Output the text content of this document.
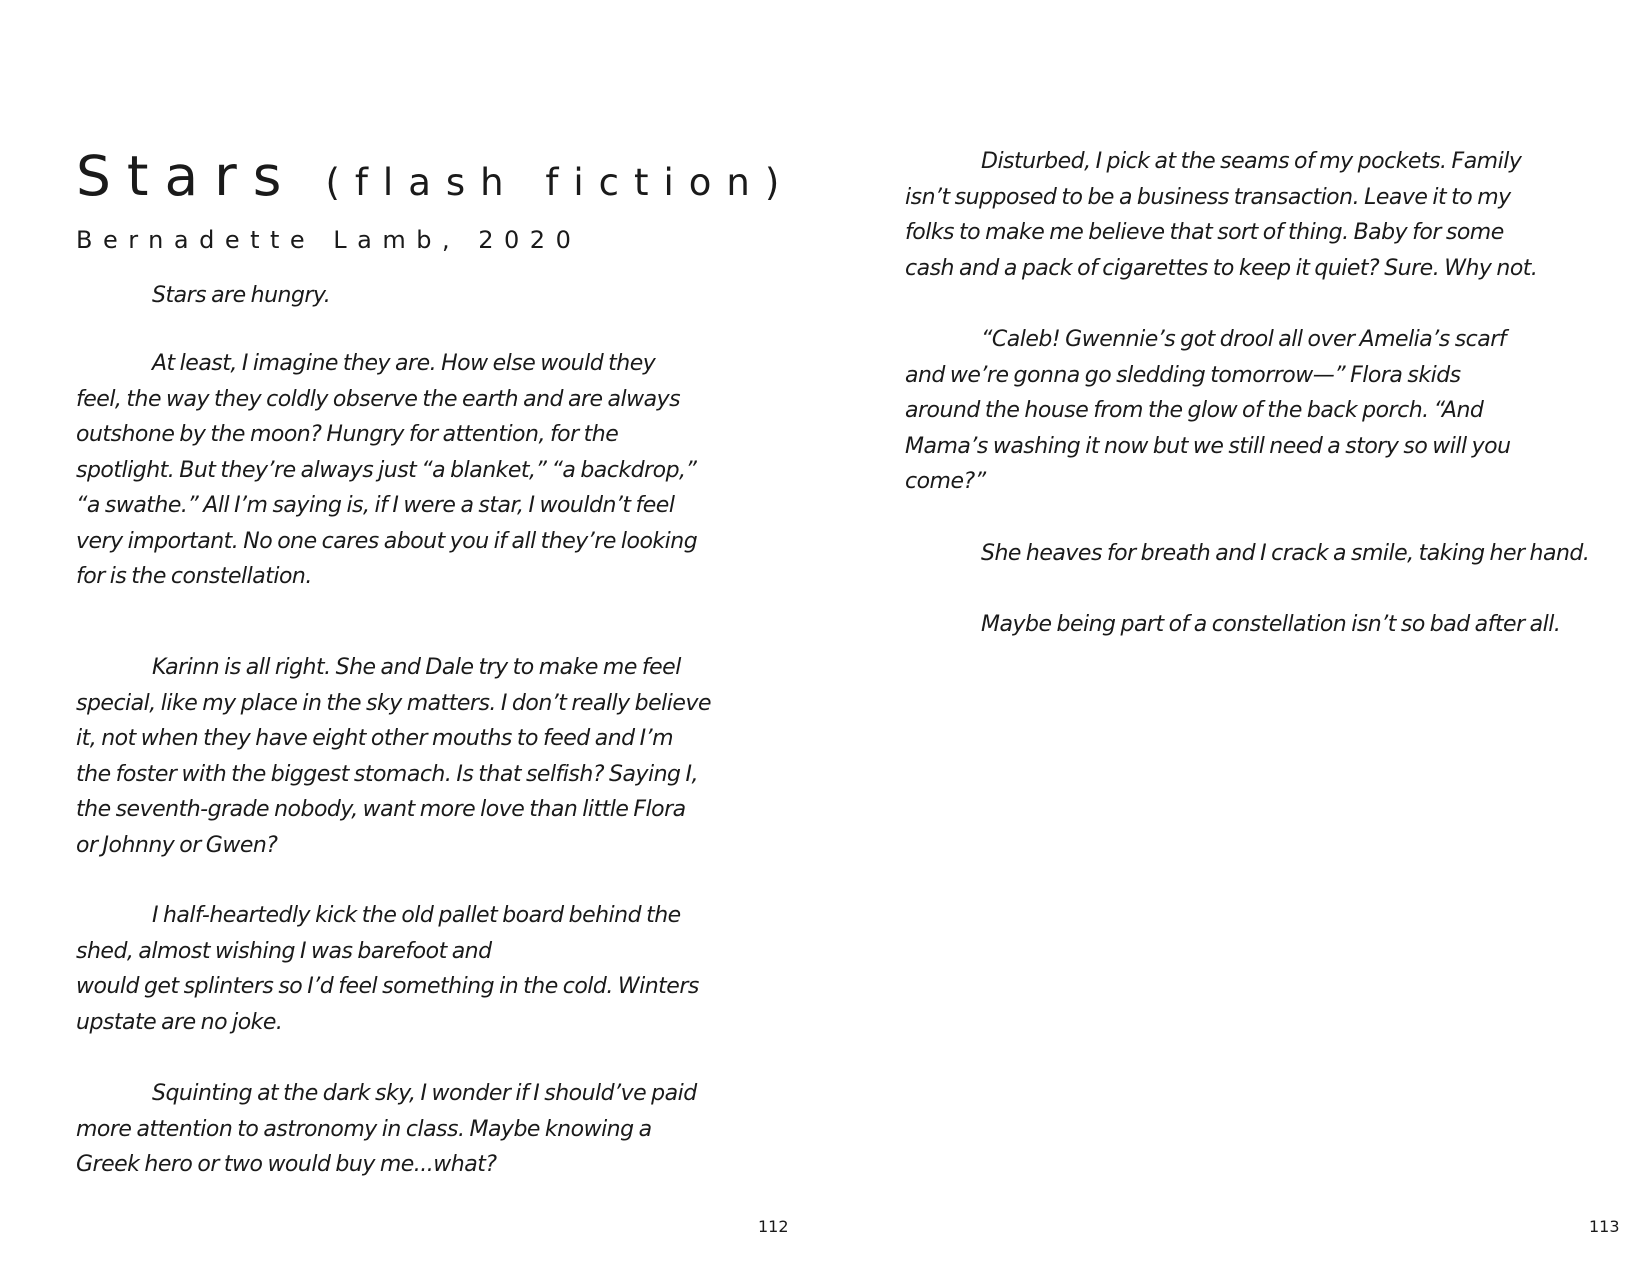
Stars (flash fiction)
Bernadette Lamb, 2020

Stars are hungry.

At least, I imagine they are. How else would they
feel, the way they coldly observe the earth and are always
outshone by the moon? Hungry for attention, for the
spotlight. But they’re always just “a blanket,” “a backdrop,”
“a swathe.” All I’m saying is, if I were a star, I wouldn’t feel
very important. No one cares about you if all they’re looking
for is the constellation.

Karinn is all right. She and Dale try to make me feel
special, like my place in the sky matters. I don’t really believe
it, not when they have eight other mouths to feed and I’m
the foster with the biggest stomach. Is that selfish? Saying I,
the seventh-grade nobody, want more love than little Flora
or Johnny or Gwen?

I half-heartedly kick the old pallet board behind the
shed, almost wishing I was barefoot and
would get splinters so I’d feel something in the cold. Winters
upstate are no joke.

Squinting at the dark sky, I wonder if I should’ve paid
more attention to astronomy in class. Maybe knowing a
Greek hero or two would buy me...what?

112

Disturbed, I pick at the seams of my pockets. Family
isn’t supposed to be a business transaction. Leave it to my
folks to make me believe that sort of thing. Baby for some
cash and a pack of cigarettes to keep it quiet? Sure. Why not.

“Caleb! Gwennie’s got drool all over Amelia’s scarf
and we’re gonna go sledding tomorrow—” Flora skids
around the house from the glow of the back porch. “And
Mama’s washing it now but we still need a story so will you
come?”

She heaves for breath and I crack a smile, taking her hand.

Maybe being part of a constellation isn’t so bad after all.

113
